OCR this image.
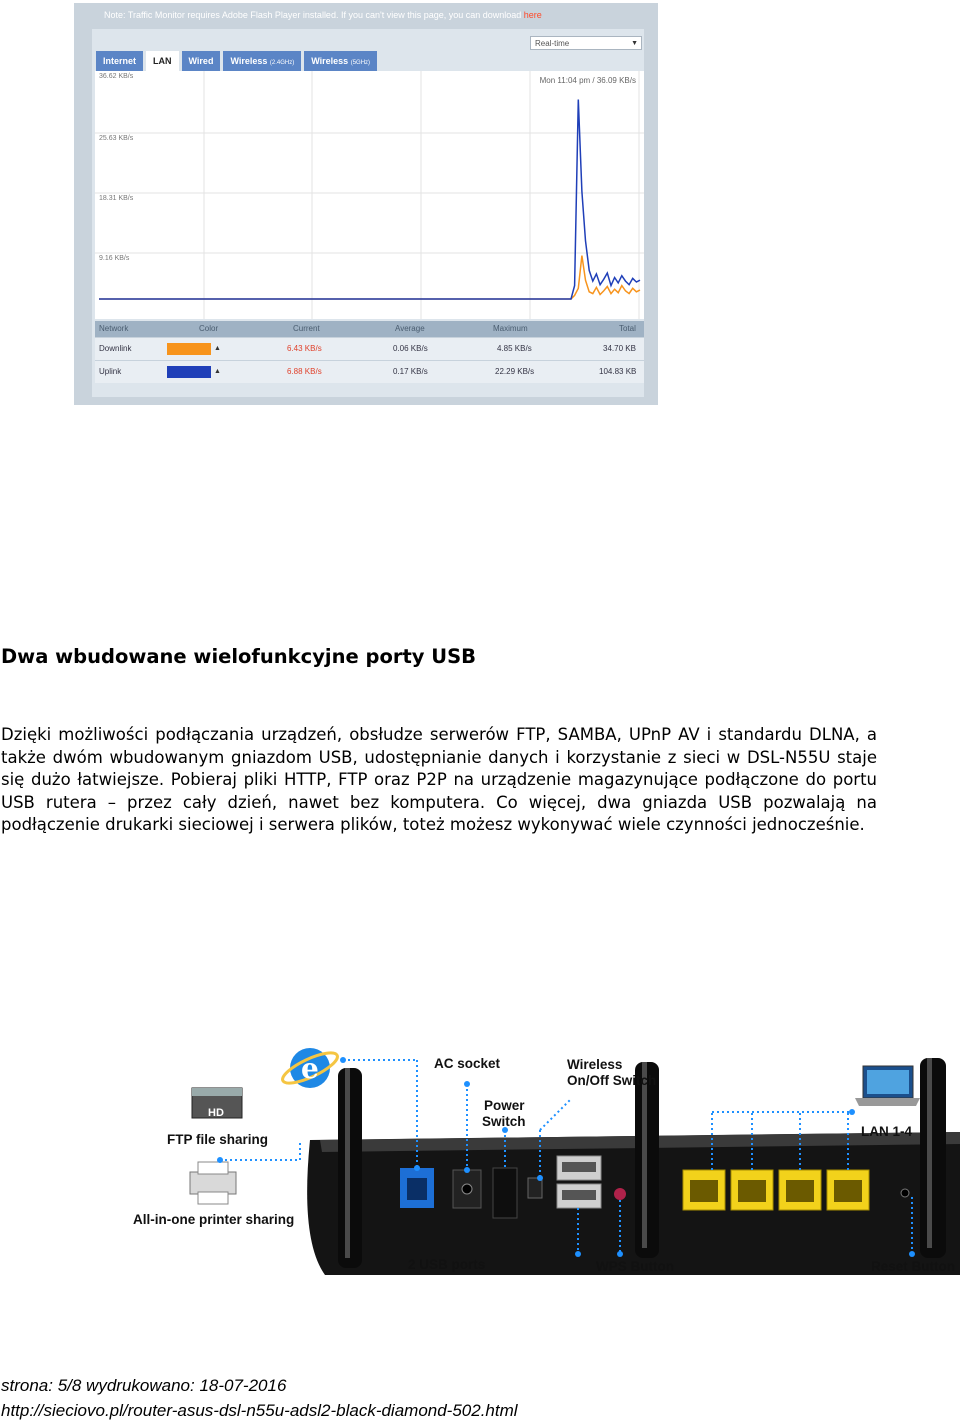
Note: Traffic Monitor requires Adobe Flash Player installed. If you can't view this page, you can download here
Real-time	▼
Internet	LAN	Wired	Wireless (2.4GHz)	Wireless (5GHz)
Mon 11:04 pm / 36.09 KB/s
36.62 KB/s
25.63 KB/s
18.31 KB/s
9.16 KB/s
Network	Color	Current	Average	Maximum	Total
Downlink	▲	6.43 KB/s	0.06 KB/s	4.85 KB/s	34.70 KB
Uplink	▲	6.88 KB/s	0.17 KB/s	22.29 KB/s	104.83 KB
Dwa wbudowane wielofunkcyjne porty USB

Dzięki możliwości podłączania urządzeń, obsłudze serwerów FTP, SAMBA, UPnP AV i standardu DLNA, a także dwóm wbudowanym gniazdom USB, udostępnianie danych i korzystanie z sieci w DSL-N55U staje się dużo łatwiejsze. Pobieraj pliki HTTP, FTP oraz P2P na urządzenie magazynujące podłączone do portu USB rutera – przez cały dzień, nawet bez komputera. Co więcej, dwa gniazda USB pozwalają na podłączenie drukarki sieciowej i serwera plików, toteż możesz wykonywać wiele czynności jednocześnie.

e
HD
AC socket	Wireless
On/Off Switch
Power
Switch
FTP file sharing
All-in-one printer sharing
2 USB ports	WPS Button	Reset Button
LAN 1-4
strona: 5/8 wydrukowano: 18-07-2016
http://sieciovo.pl/router-asus-dsl-n55u-adsl2-black-diamond-502.html
